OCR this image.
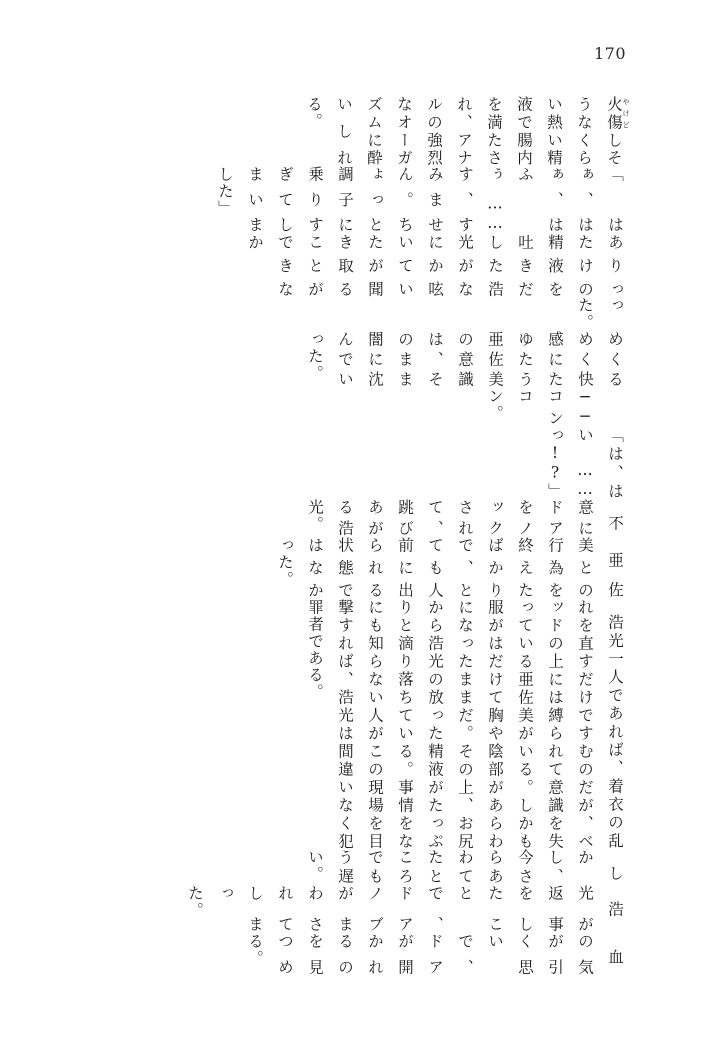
170

火傷やけどしそうなくらい熱い精液で腸内を満たされ、アナルの強烈なオーガズムに酔いしれる。

「はぁ、はぁ、はふぅ……す、すみません。ちょっと調子に乗りすぎてしまいました」

ありったけの精液を吐きだした浩光がなにか呟いていたが聞き取ることができなか

った。

めくるめく快感にたゆたう亜佐美の意識は、そのまま闇に沈んでいった。

　　──コンコン。

「は、はい……っ!?」

不意にドアをノックされて、跳びあがる浩光。

亜佐美との行為を終えたばかりで、とても人前に出られる状態ではなかった。

浩光一人であれば、着衣の乱れを直すだけですむのだが、ベッドの上には縛られて意識を失っている亜佐美がいる。しかも服がはだけて胸や陰部があらわになったままだ。その上、お尻から浩光の放った精液がたっぷりと滴り落ちている。事情をなにも知らない人がこの現場を目撃すれば、浩光は間違いなく犯罪者である。

しかし、今さらあわてたところでもう遅い。

浩光が返事をしたことで、ドアノブがまわされてしまった。

血の気が引く思いで、ドアが開かれるのを見つめる。
